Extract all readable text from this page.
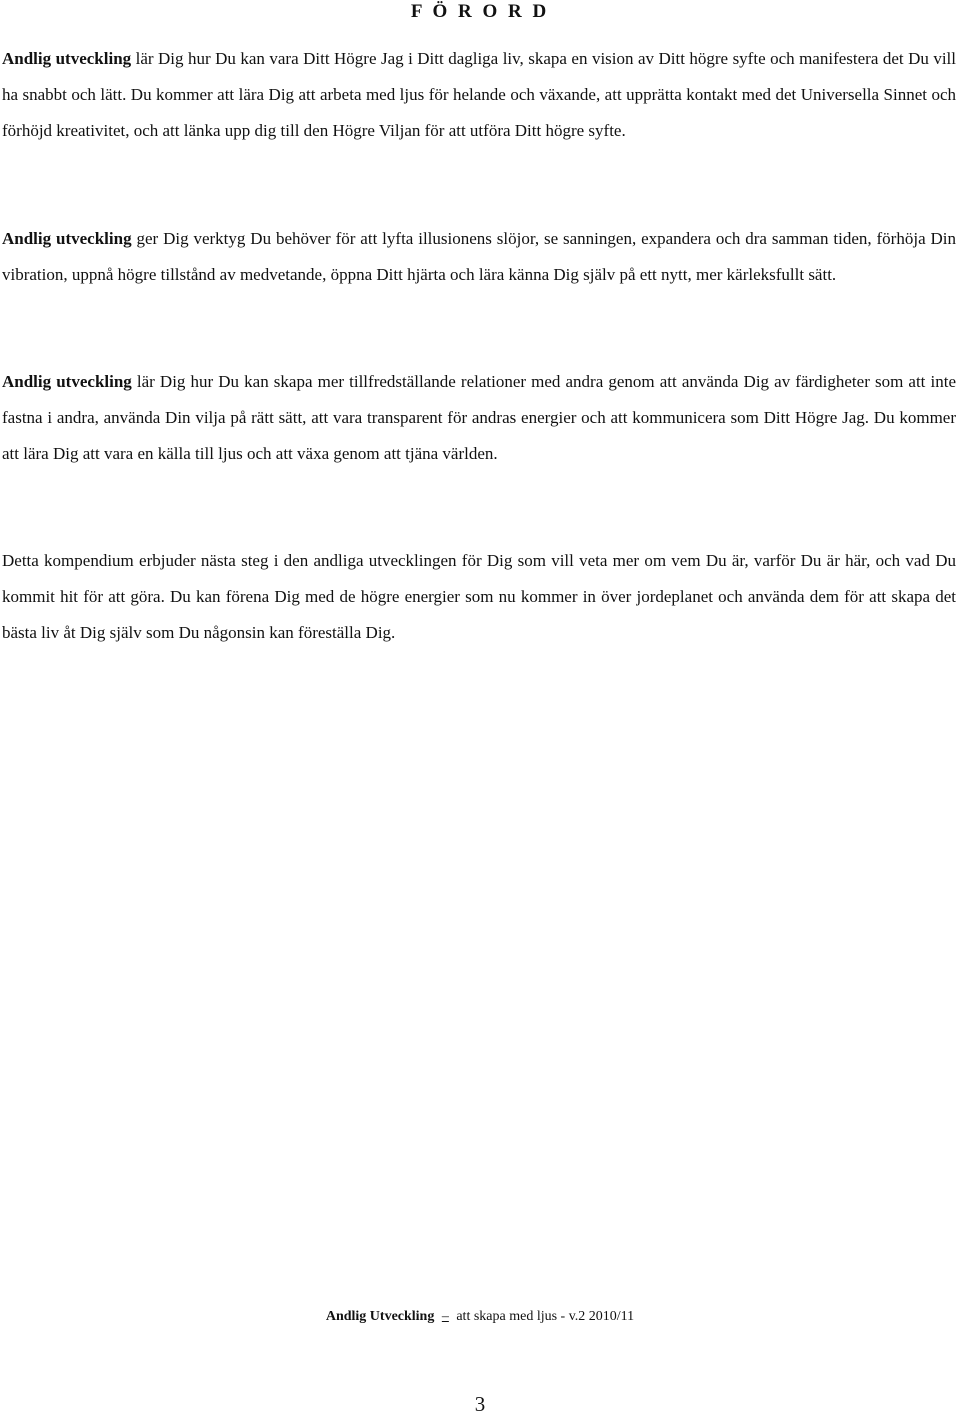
F Ö R O R D

Andlig utveckling lär Dig hur Du kan vara Ditt Högre Jag i Ditt dagliga liv, skapa en vision av Ditt högre syfte och manifestera det Du vill ha snabbt och lätt. Du kommer att lära Dig att arbeta med ljus för helande och växande, att upprätta kontakt med det Universella Sinnet och förhöjd kreativitet, och att länka upp dig till den Högre Viljan för att utföra Ditt högre syfte.

Andlig utveckling ger Dig verktyg Du behöver för att lyfta illusionens slöjor, se sanningen, expandera och dra samman tiden, förhöja Din vibration, uppnå högre tillstånd av medvetande, öppna Ditt hjärta och lära känna Dig själv på ett nytt, mer kärleksfullt sätt.

Andlig utveckling lär Dig hur Du kan skapa mer tillfredställande relationer med andra genom att använda Dig av färdigheter som att inte fastna i andra, använda Din vilja på rätt sätt, att vara transparent för andras energier och att kommunicera som Ditt Högre Jag. Du kommer att lära Dig att vara en källa till ljus och att växa genom att tjäna världen.

Detta kompendium erbjuder nästa steg i den andliga utvecklingen för Dig som vill veta mer om vem Du är, varför Du är här, och vad Du kommit hit för att göra. Du kan förena Dig med de högre energier som nu kommer in över jordeplanet och använda dem för att skapa det bästa liv åt Dig själv som Du någonsin kan föreställa Dig.

Andlig Utveckling – att skapa med ljus - v.2 2010/11
3
